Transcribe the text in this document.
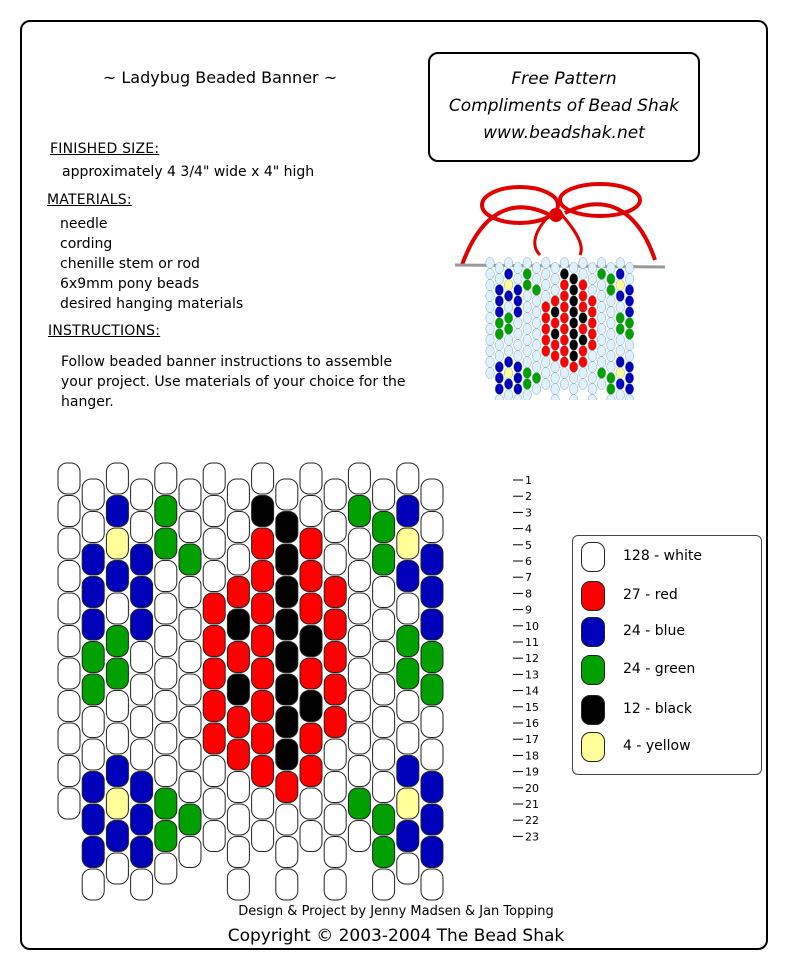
~ Ladybug Beaded Banner ~	Free Pattern
Compliments of Bead Shak
www.beadshak.net
FINISHED SIZE:
approximately 4 3/4" wide x 4" high
MATERIALS:
needle
cording
chenille stem or rod
6x9mm pony beads
desired hanging materials
INSTRUCTIONS:
Follow beaded banner instructions to assemble your project. Use materials of your choice for the hanger.
1
2
3
4
5
6
7
8
9
10
11
12
13
14
15
16
17
18
19
20
21
22
23
128 - white
27 - red
24 - blue
24 - green
12 - black
4 - yellow
Design & Project by Jenny Madsen & Jan Topping
Copyright © 2003-2004 The Bead Shak
